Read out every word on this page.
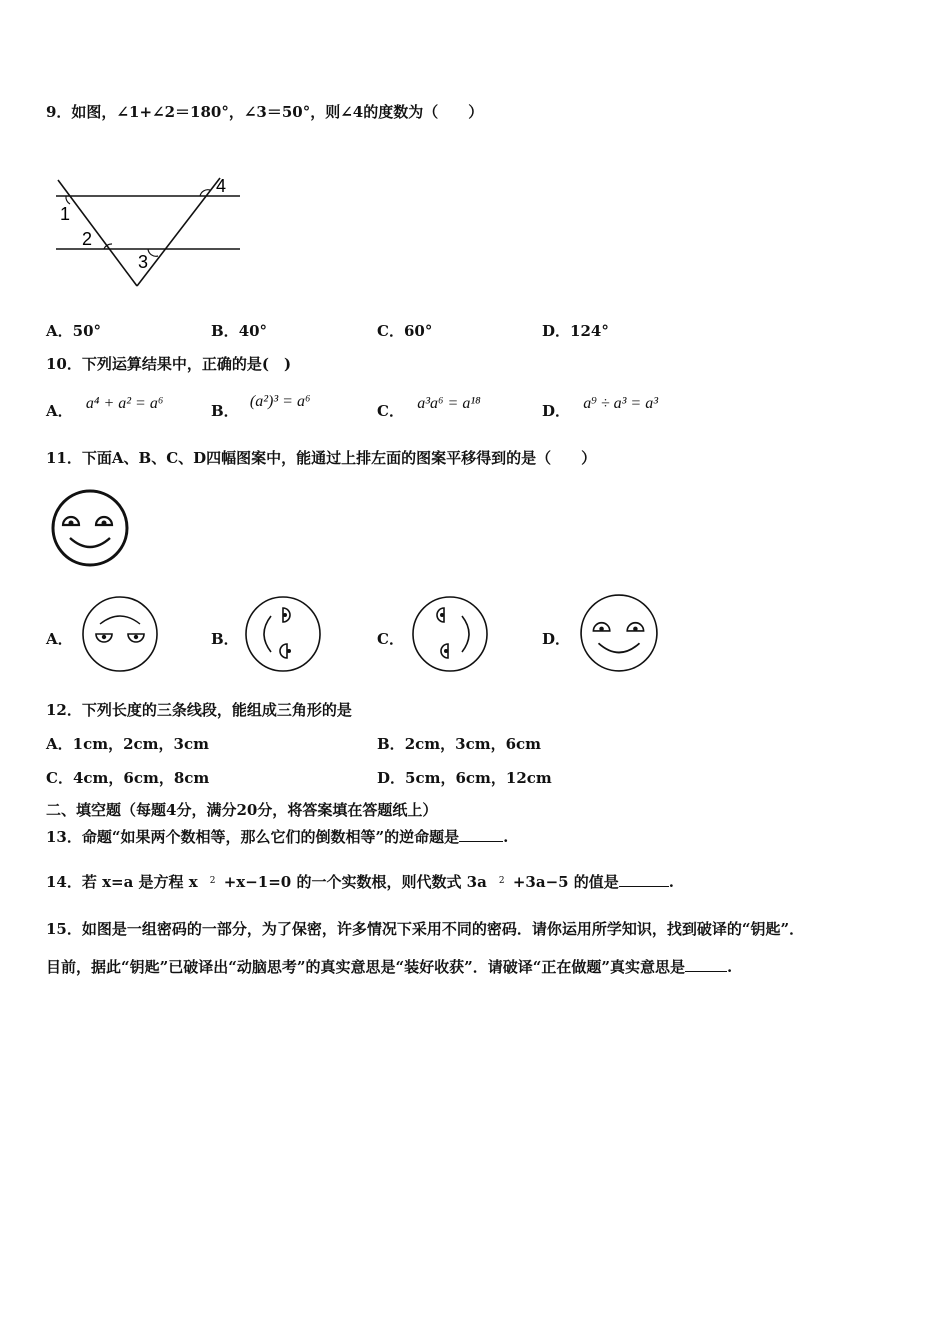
9．如图，∠1+∠2＝180°，∠3＝50°，则∠4的度数为（　　）
1
2
3
4
A．50°	B．40°	C．60°	D．124°
10．下列运算结果中，正确的是(　)
A． a⁴ + a² = a⁶	B． (a²)³ = a⁶
C． a³a⁶ = a¹⁸	D． a⁹ ÷ a³ = a³
11．下面A、B、C、D四幅图案中，能通过上排左面的图案平移得到的是（　　）
A．	B．	C．	D．
12．下列长度的三条线段，能组成三角形的是
A．1cm，2cm，3cm	B．2cm，3cm，6cm
C．4cm，6cm，8cm	D．5cm，6cm，12cm
二、填空题（每题4分，满分20分，将答案填在答题纸上）
13．命题“如果两个数相等，那么它们的倒数相等”的逆命题是	.
14．若 x=a 是方程 x 2 +x−1=0 的一个实数根，则代数式 3a 2 +3a−5 的值是	.
15．如图是一组密码的一部分，为了保密，许多情况下采用不同的密码．请你运用所学知识，找到破译的“钥匙”．
目前，据此“钥匙”已破译出“动脑思考”的真实意思是“装好收获”．请破译“正在做题”真实意思是	.
